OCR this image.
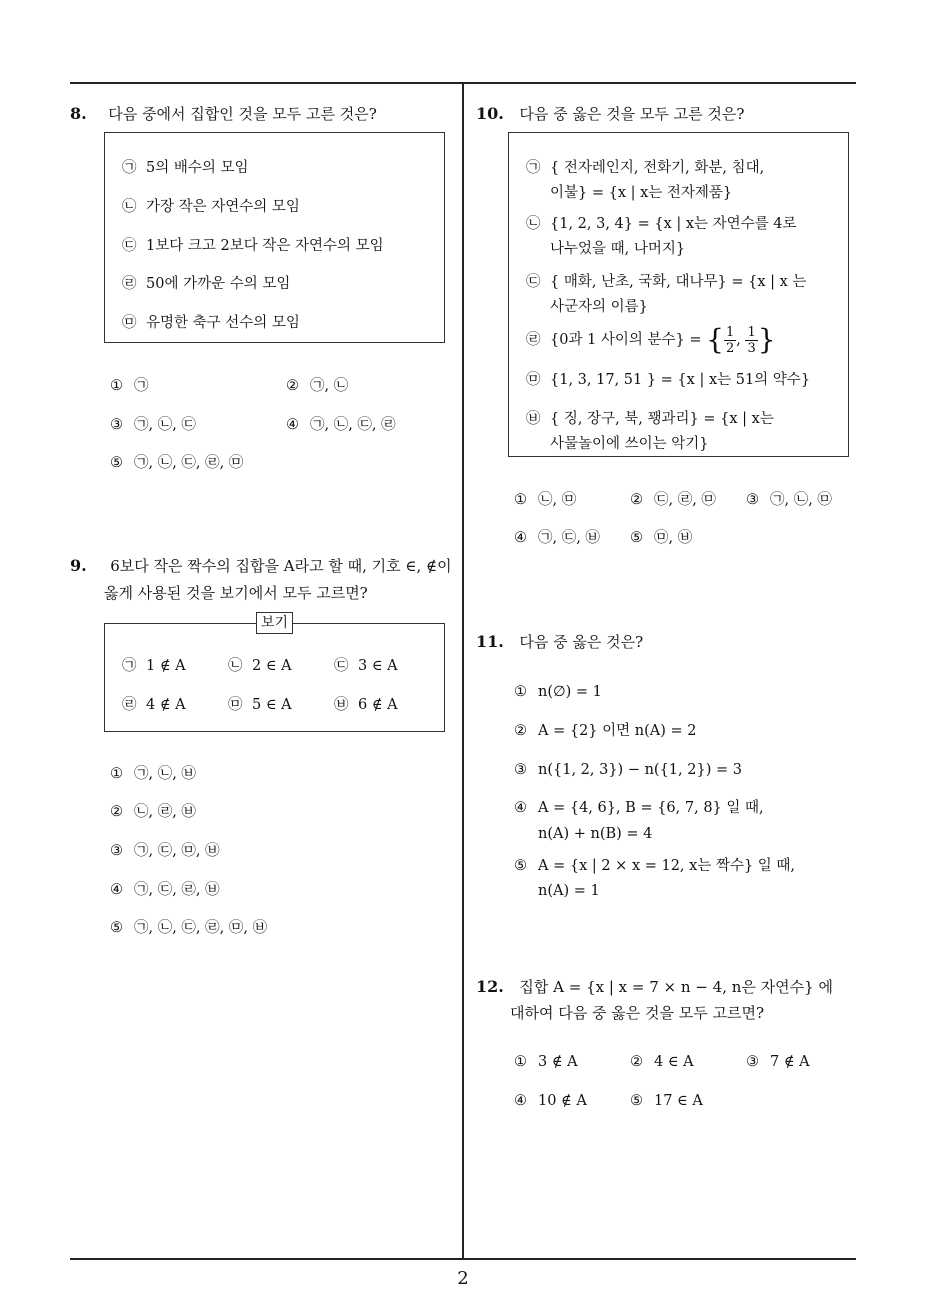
8. 다음 중에서 집합인 것을 모두 고른 것은?
㉠ 5의 배수의 모임
㉡ 가장 작은 자연수의 모임
㉢ 1보다 크고 2보다 작은 자연수의 모임
㉣ 50에 가까운 수의 모임
㉤ 유명한 축구 선수의 모임
① ㉠	② ㉠, ㉡
③ ㉠, ㉡, ㉢	④ ㉠, ㉡, ㉢, ㉣
⑤ ㉠, ㉡, ㉢, ㉣, ㉤
9. 6보다 작은 짝수의 집합을 A라고 할 때, 기호 ∈, ∉이
옳게 사용된 것을 보기에서 모두 고르면?
보기
㉠ 1 ∉ A	㉡ 2 ∈ A	㉢ 3 ∈ A
㉣ 4 ∉ A	㉤ 5 ∈ A	㉥ 6 ∉ A
① ㉠, ㉡, ㉥
② ㉡, ㉣, ㉥
③ ㉠, ㉢, ㉤, ㉥
④ ㉠, ㉢, ㉣, ㉥
⑤ ㉠, ㉡, ㉢, ㉣, ㉤, ㉥
10. 다음 중 옳은 것을 모두 고른 것은?
㉠ { 전자레인지, 전화기, 화분, 침대,
이불} = {x | x는 전자제품}
㉡ {1, 2, 3, 4} = {x | x는 자연수를 4로
나누었을 때, 나머지}
㉢ { 매화, 난초, 국화, 대나무} = {x | x 는
사군자의 이름}
㉣ {0과 1 사이의 분수} = { $\frac{1}{2}$ , $\frac{1}{3}$ }
㉤ {1, 3, 17, 51 } = {x | x는 51의 약수}
㉥ { 징, 장구, 북, 꽹과리} = {x | x는
사물놀이에 쓰이는 악기}
① ㉡, ㉤	② ㉢, ㉣, ㉤ ③ ㉠, ㉡, ㉤
④ ㉠, ㉢, ㉥ ⑤ ㉤, ㉥
11. 다음 중 옳은 것은?
① n(∅) = 1
② A = {2} 이면 n(A) = 2
③ n({1, 2, 3}) − n({1, 2}) = 3
④ A = {4, 6}, B = {6, 7, 8} 일 때,
n(A) + n(B) = 4
⑤ A = {x | 2 × x = 12, x는 짝수} 일 때,
n(A) = 1
12. 집합 A = {x | x = 7 × n − 4, n은 자연수} 에
대하여 다음 중 옳은 것을 모두 고르면?
① 3 ∉ A	② 4 ∈ A	③ 7 ∉ A
④ 10 ∉ A	⑤ 17 ∈ A
2
